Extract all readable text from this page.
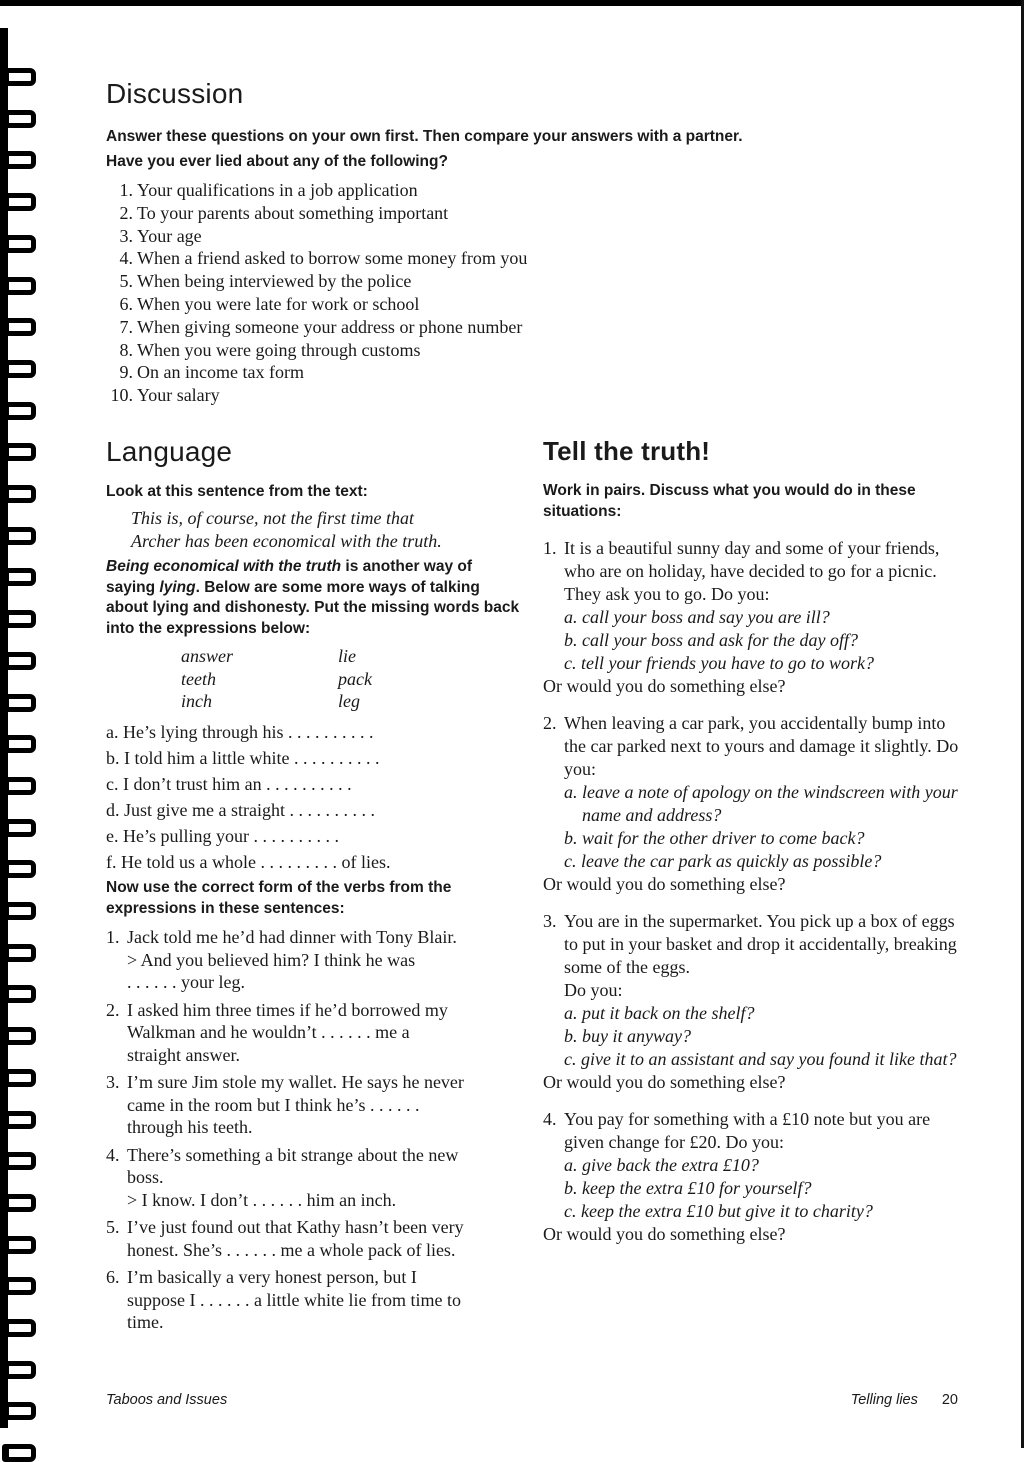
Discussion

Answer these questions on your own first. Then compare your answers with a partner.

Have you ever lied about any of the following?

1. Your qualifications in a job application
2. To your parents about something important
3. Your age
4. When a friend asked to borrow some money from you
5. When being interviewed by the police
6. When you were late for work or school
7. When giving someone your address or phone number
8. When you were going through customs
9. On an income tax form
10. Your salary
Language

Look at this sentence from the text:

This is, of course, not the first time that

Archer has been economical with the truth.

Being economical with the truth is another way of saying lying. Below are some more ways of talking about lying and dishonesty. Put the missing words back into the expressions below:

answer	lie
teeth	pack
inch	leg
a. He’s lying through his . . . . . . . . . .
b. I told him a little white . . . . . . . . . .
c. I don’t trust him an . . . . . . . . . .
d. Just give me a straight . . . . . . . . . .
e. He’s pulling your . . . . . . . . . .
f. He told us a whole . . . . . . . . . of lies.

Now use the correct form of the verbs from the expressions in these sentences:

1. Jack told me he’d had dinner with Tony Blair.
> And you believed him? I think he was
. . . . . . your leg.
2. I asked him three times if he’d borrowed my
Walkman and he wouldn’t . . . . . . me a
straight answer.
3. I’m sure Jim stole my wallet. He says he never
came in the room but I think he’s . . . . . .
through his teeth.
4. There’s something a bit strange about the new
boss.
> I know. I don’t . . . . . . him an inch.
5. I’ve just found out that Kathy hasn’t been very
honest. She’s . . . . . . me a whole pack of lies.
6. I’m basically a very honest person, but I
suppose I . . . . . . a little white lie from time to
time.
Tell the truth!

Work in pairs. Discuss what you would do in these situations:

1. It is a beautiful sunny day and some of your friends, who are on holiday, have decided to go for a picnic. They ask you to go. Do you:
a. call your boss and say you are ill?
b. call your boss and ask for the day off?
c. tell your friends you have to go to work?

Or would you do something else?

2. When leaving a car park, you accidentally bump into the car parked next to yours and damage it slightly. Do you:
a. leave a note of apology on the windscreen with your name and address?
b. wait for the other driver to come back?
c. leave the car park as quickly as possible?

Or would you do something else?

3. You are in the supermarket. You pick up a box of eggs to put in your basket and drop it accidentally, breaking some of the eggs.
Do you:
a. put it back on the shelf?
b. buy it anyway?
c. give it to an assistant and say you found it like that?

Or would you do something else?

4. You pay for something with a £10 note but you are given change for £20. Do you:
a. give back the extra £10?
b. keep the extra £10 for yourself?
c. keep the extra £10 but give it to charity?

Or would you do something else?

Taboos and Issues	Telling lies 20
